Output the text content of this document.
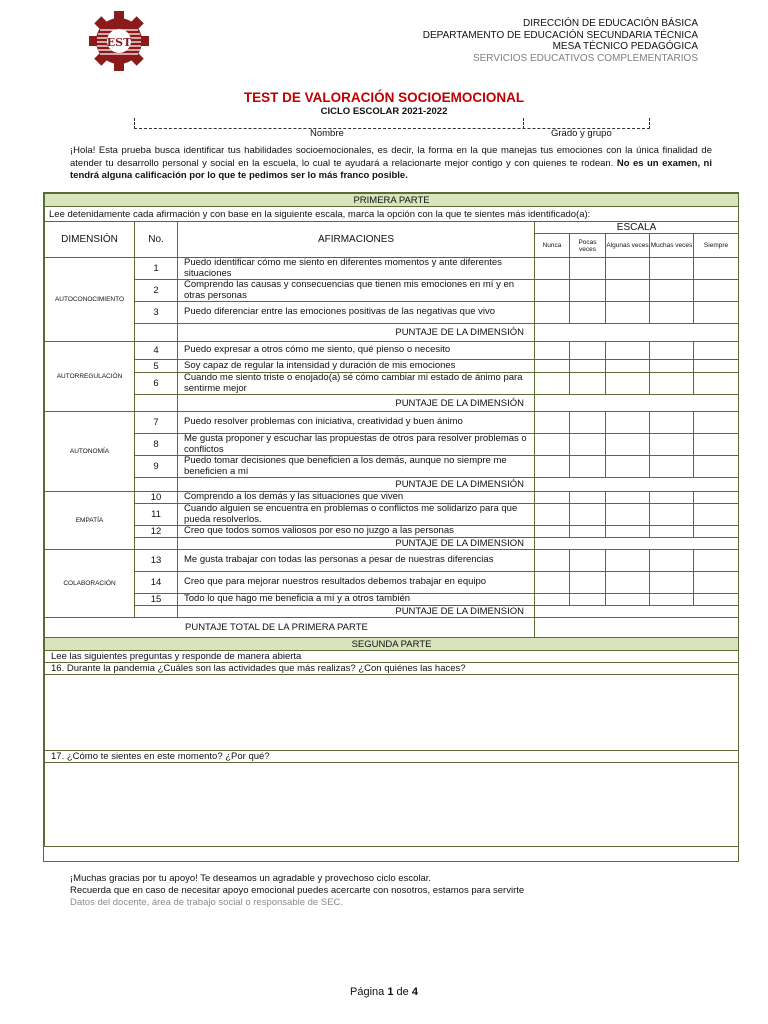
EST
DIRECCIÓN DE EDUCACIÓN BÁSICA
DEPARTAMENTO DE EDUCACIÓN SECUNDARIA TÉCNICA
MESA TÉCNICO PEDAGÓGICA
SERVICIOS EDUCATIVOS COMPLEMENTARIOS
TEST DE VALORACIÓN SOCIOEMOCIONAL
CICLO ESCOLAR 2021-2022
Nombre	Grado y grupo
¡Hola! Esta prueba busca identificar tus habilidades socioemocionales, es decir, la forma en la que manejas tus emociones con la única finalidad de atender tu desarrollo personal y social en la escuela, lo cual te ayudará a relacionarte mejor contigo y con quienes te rodean. No es un examen, ni tendrá alguna calificación por lo que te pedimos ser lo más franco posible.
PRIMERA PARTE							
Lee detenidamente cada afirmación y con base en la siguiente escala, marca la opción con la que te sientes más identificado(a):							
DIMENSIÓN	No.	AFIRMACIONES	ESCALA				
			Nunca	Pocas veces	Algunas veces	Muchas veces	Siempre
AUTOCONOCIMIENTO	1	Puedo identificar cómo me siento en diferentes momentos y ante diferentes situaciones					
	2	Comprendo las causas y consecuencias que tienen mis emociones en mí y en otras personas					
	3	Puedo diferenciar entre las emociones positivas de las negativas que vivo					
		PUNTAJE DE LA DIMENSIÓN					
AUTORREGULACIÓN	4	Puedo expresar a otros cómo me siento, qué pienso o necesito					
	5	Soy capaz de regular la intensidad y duración de mis emociones					
	6	Cuando me siento triste o enojado(a) sé cómo cambiar mi estado de ánimo para sentirme mejor					
		PUNTAJE DE LA DIMENSIÓN					
AUTONOMÍA	7	Puedo resolver problemas con iniciativa, creatividad y buen ánimo					
	8	Me gusta proponer y escuchar las propuestas de otros para resolver problemas o conflictos					
	9	Puedo tomar decisiones que beneficien a los demás, aunque no siempre me beneficien a mí					
		PUNTAJE DE LA DIMENSIÓN					
EMPATÍA	10	Comprendo a los demás y las situaciones que viven					
	11	Cuando alguien se encuentra en problemas o conflictos me solidarizo para que pueda resolverlos.					
	12	Creo que todos somos valiosos por eso no juzgo a las personas					
		PUNTAJE DE LA DIMENSION					
COLABORACIÓN	13	Me gusta trabajar con todas las personas a pesar de nuestras diferencias					
	14	Creo que para mejorar nuestros resultados debemos trabajar en equipo					
	15	Todo lo que hago me beneficia a mí y a otros también					
		PUNTAJE DE LA DIMENSION					
PUNTAJE TOTAL DE LA PRIMERA PARTE							
SEGUNDA PARTE							
Lee las siguientes preguntas y responde de manera abierta							
16. Durante la pandemia ¿Cuáles son las actividades que más realizas? ¿Con quiénes las haces?							

17. ¿Cómo te sientes en este momento? ¿Por qué?							

¡Muchas gracias por tu apoyo! Te deseamos un agradable y provechoso ciclo escolar.
Recuerda que en caso de necesitar apoyo emocional puedes acercarte con nosotros, estamos para servirte
Datos del docente, área de trabajo social o responsable de SEC.
Página 1 de 4
